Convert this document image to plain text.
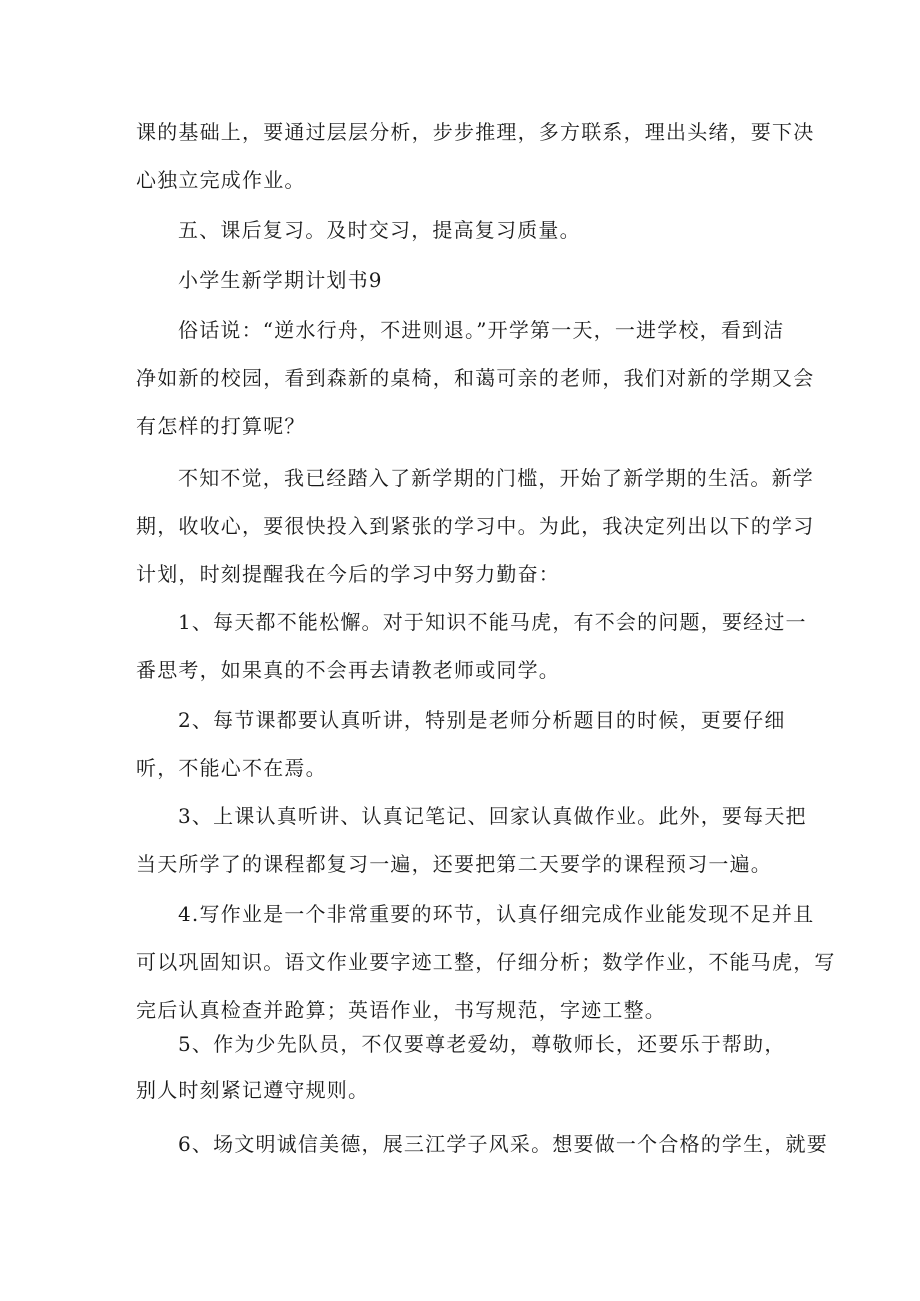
课的基础上，要通过层层分析，步步推理，多方联系，理出头绪，要下决
心独立完成作业。
五、课后复习。及时交习，提高复习质量。
小学生新学期计划书9
俗话说：“逆水行舟，不进则退。”开学第一天，一进学校，看到洁
净如新的校园，看到森新的桌椅，和蔼可亲的老师，我们对新的学期又会
有怎样的打算呢？
不知不觉，我已经踏入了新学期的门槛，开始了新学期的生活。新学
期，收收心，要很快投入到紧张的学习中。为此，我决定列出以下的学习
计划，时刻提醒我在今后的学习中努力勤奋：
1、每天都不能松懈。对于知识不能马虎，有不会的问题，要经过一
番思考，如果真的不会再去请教老师或同学。
2、每节课都要认真听讲，特别是老师分析题目的时候，更要仔细
听，不能心不在焉。
3、上课认真听讲、认真记笔记、回家认真做作业。此外，要每天把
当天所学了的课程都复习一遍，还要把第二天要学的课程预习一遍。
4.写作业是一个非常重要的环节，认真仔细完成作业能发现不足并且
可以巩固知识。语文作业要字迹工整，仔细分析；数学作业，不能马虎，写
完后认真检查并跄算；英语作业，书写规范，字迹工整。
5、作为少先队员，不仅要尊老爱幼，尊敬师长，还要乐于帮助，
别人时刻紧记遵守规则。
6、场文明诚信美德，展三江学子风采。想要做一个合格的学生，就要
